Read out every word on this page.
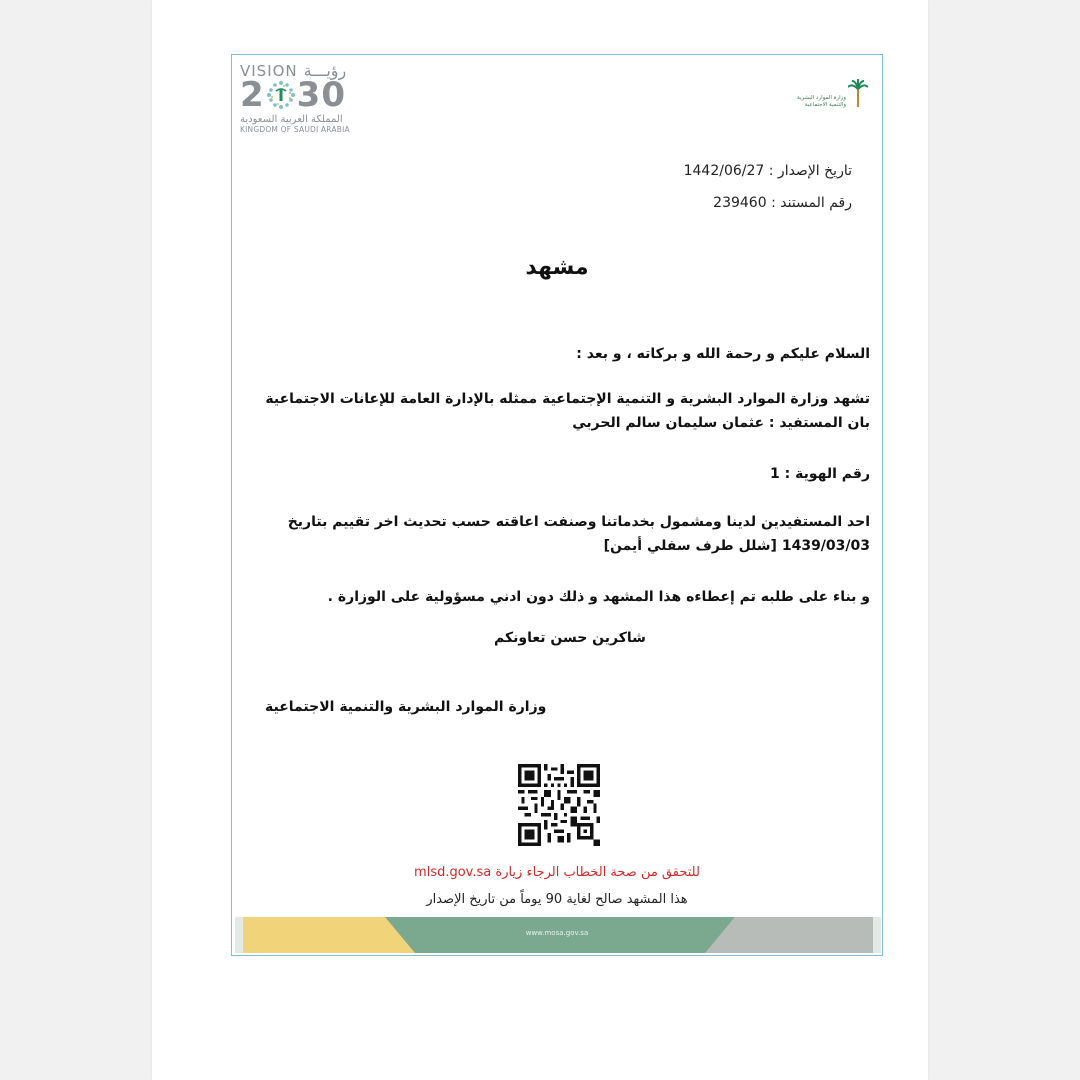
VISION رؤيـــة
2 30
المملكة العربية السعودية
KINGDOM OF SAUDI ARABIA
وزارة الموارد البشرية
والتنمية الاجتماعية
تاريخ الإصدار : 1442/06/27
رقم المستند : 239460
مشهد
السلام عليكم و رحمة الله و بركاته ، و بعد :
تشهد وزارة الموارد البشرية و التنمية الإجتماعية ممثله بالإدارة العامة للإعانات الاجتماعية بان المستفيد : عثمان سليمان سالم الحربي
رقم الهوية : 1
احد المستفيدين لدينا ومشمول بخدماتنا وصنفت اعاقته حسب تحديث اخر تقييم بتاريخ 1439/03/03 [شلل طرف سفلي أيمن]
و بناء على طلبه تم إعطاءه هذا المشهد و ذلك دون ادني مسؤولية على الوزارة .
شاكرين حسن تعاونكم
وزارة الموارد البشرية والتنمية الاجتماعية
للتحقق من صحة الخطاب الرجاء زيارة mlsd.gov.sa
هذا المشهد صالح لغاية 90 يوماً من تاريخ الإصدار
www.mosa.gov.sa
